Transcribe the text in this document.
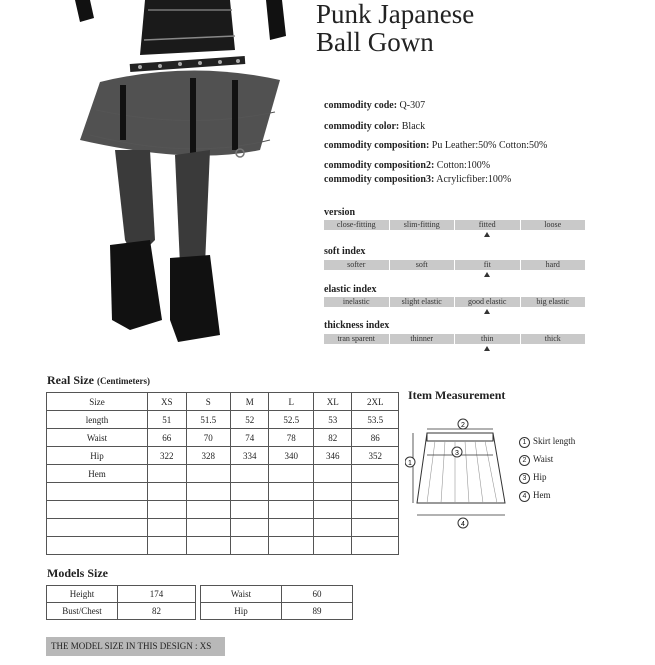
Punk Japanese
Ball Gown
commodity code: Q-307
commodity color: Black
commodity composition: Pu Leather:50% Cotton:50%
commodity composition2: Cotton:100%
commodity composition3: Acrylicfiber:100%
version
close-fitting	slim-fitting	fitted	loose
soft index
softer	soft	fit	hard
elastic index
inelastic	slight elastic	good elastic	big elastic
thickness index
tran sparent	thinner	thin	thick
Real Size (Centimeters)
Size	XS	S	M	L	XL	2XL
length	51	51.5	52	52.5	53	53.5
Waist	66	70	74	78	82	86
Hip	322	328	334	340	346	352
Hem						

Item Measurement
2
3
1
4
1 Skirt length
2 Waist
3 Hip
4 Hem
Models Size
Height	174
Bust/Chest	82
Waist	60
Hip	89
THE MODEL SIZE IN THIS DESIGN : XS
